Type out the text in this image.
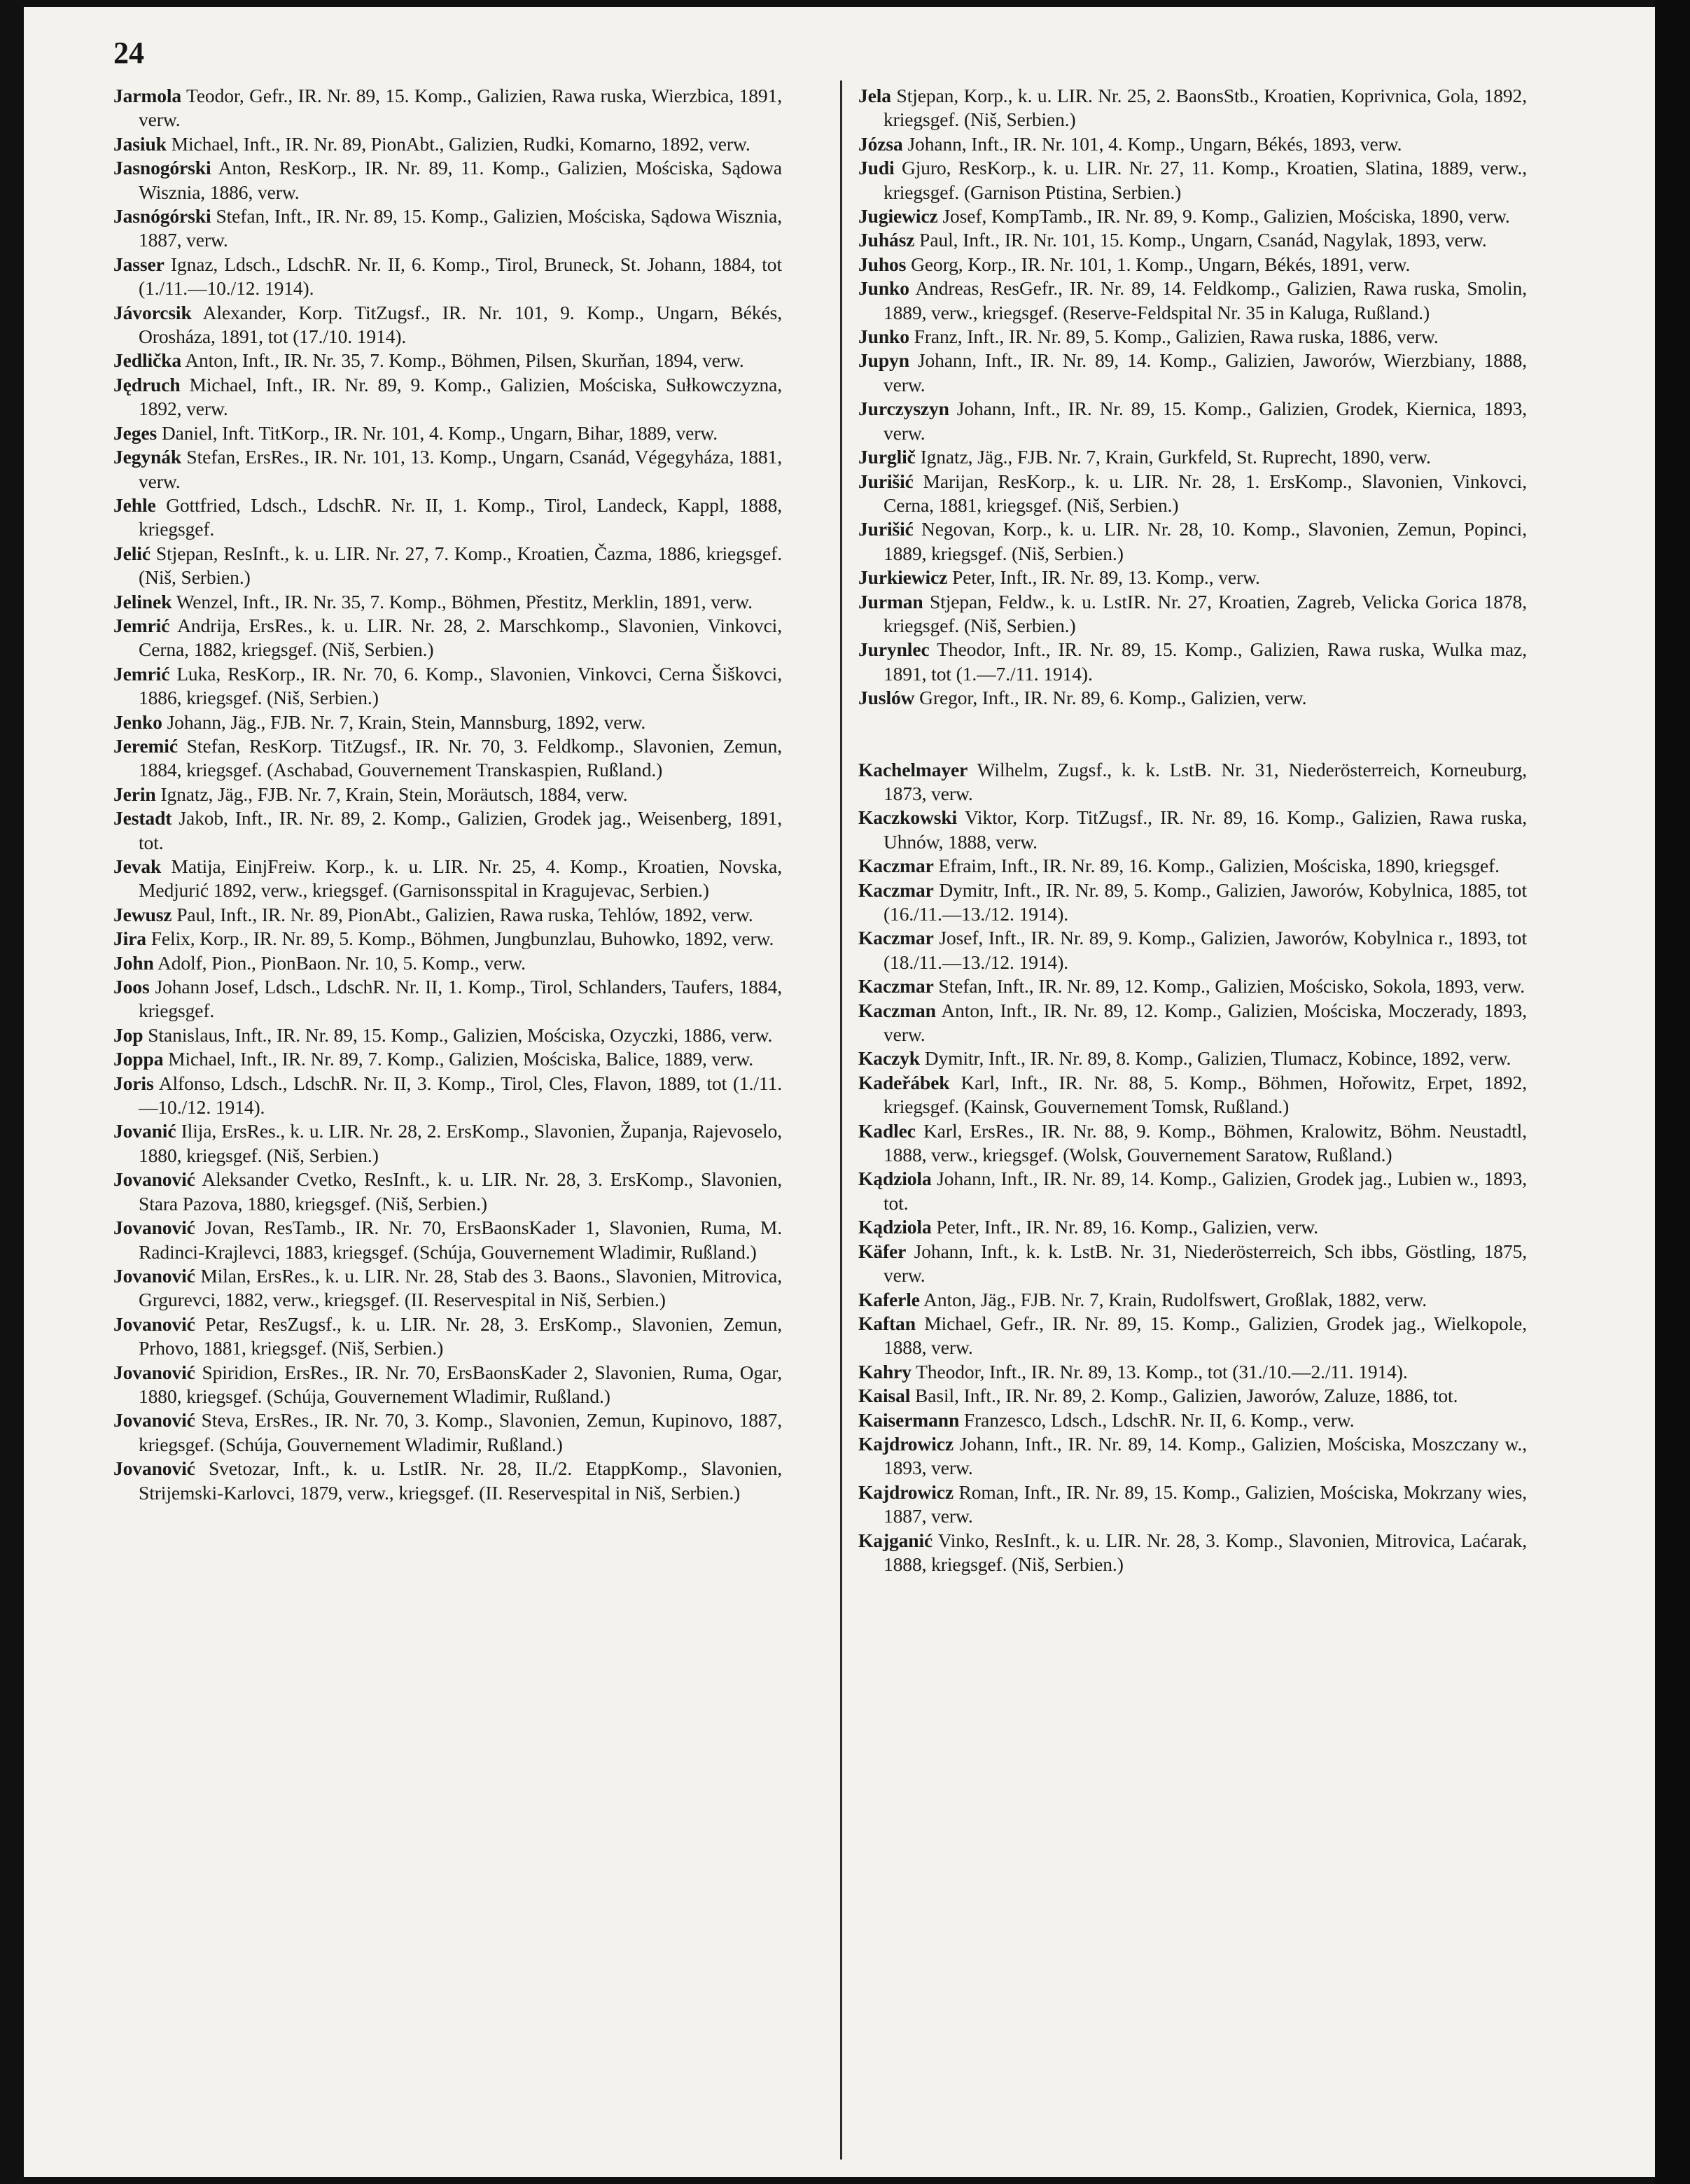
24
Jarmola Teodor, Gefr., IR. Nr. 89, 15. Komp., Galizien, Rawa ruska, Wierzbica, 1891, verw.
Jasiuk Michael, Inft., IR. Nr. 89, PionAbt., Galizien, Rudki, Komarno, 1892, verw.
Jasnogórski Anton, ResKorp., IR. Nr. 89, 11. Komp., Galizien, Mościska, Sądowa Wisznia, 1886, verw.
Jasnógórski Stefan, Inft., IR. Nr. 89, 15. Komp., Galizien, Mościska, Sądowa Wisznia, 1887, verw.
Jasser Ignaz, Ldsch., LdschR. Nr. II, 6. Komp., Tirol, Bruneck, St. Johann, 1884, tot (1./11.—10./12. 1914).
Jávorcsik Alexander, Korp. TitZugsf., IR. Nr. 101, 9. Komp., Ungarn, Békés, Orosháza, 1891, tot (17./10. 1914).
Jedlička Anton, Inft., IR. Nr. 35, 7. Komp., Böhmen, Pilsen, Skurňan, 1894, verw.
Jędruch Michael, Inft., IR. Nr. 89, 9. Komp., Galizien, Mościska, Sułkowczyzna, 1892, verw.
Jeges Daniel, Inft. TitKorp., IR. Nr. 101, 4. Komp., Ungarn, Bihar, 1889, verw.
Jegynák Stefan, ErsRes., IR. Nr. 101, 13. Komp., Ungarn, Csanád, Végegyháza, 1881, verw.
Jehle Gottfried, Ldsch., LdschR. Nr. II, 1. Komp., Tirol, Landeck, Kappl, 1888, kriegsgef.
Jelić Stjepan, ResInft., k. u. LIR. Nr. 27, 7. Komp., Kroatien, Čazma, 1886, kriegsgef. (Niš, Serbien.)
Jelinek Wenzel, Inft., IR. Nr. 35, 7. Komp., Böhmen, Přestitz, Merklin, 1891, verw.
Jemrić Andrija, ErsRes., k. u. LIR. Nr. 28, 2. Marschkomp., Slavonien, Vinkovci, Cerna, 1882, kriegsgef. (Niš, Serbien.)
Jemrić Luka, ResKorp., IR. Nr. 70, 6. Komp., Slavonien, Vinkovci, Cerna Šiškovci, 1886, kriegsgef. (Niš, Serbien.)
Jenko Johann, Jäg., FJB. Nr. 7, Krain, Stein, Mannsburg, 1892, verw.
Jeremić Stefan, ResKorp. TitZugsf., IR. Nr. 70, 3. Feldkomp., Slavonien, Zemun, 1884, kriegsgef. (Aschabad, Gouvernement Transkaspien, Rußland.)
Jerin Ignatz, Jäg., FJB. Nr. 7, Krain, Stein, Moräutsch, 1884, verw.
Jestadt Jakob, Inft., IR. Nr. 89, 2. Komp., Galizien, Grodek jag., Weisenberg, 1891, tot.
Jevak Matija, EinjFreiw. Korp., k. u. LIR. Nr. 25, 4. Komp., Kroatien, Novska, Medjurić 1892, verw., kriegsgef. (Garnisonsspital in Kragujevac, Serbien.)
Jewusz Paul, Inft., IR. Nr. 89, PionAbt., Galizien, Rawa ruska, Tehlów, 1892, verw.
Jira Felix, Korp., IR. Nr. 89, 5. Komp., Böhmen, Jungbunzlau, Buhowko, 1892, verw.
John Adolf, Pion., PionBaon. Nr. 10, 5. Komp., verw.
Joos Johann Josef, Ldsch., LdschR. Nr. II, 1. Komp., Tirol, Schlanders, Taufers, 1884, kriegsgef.
Jop Stanislaus, Inft., IR. Nr. 89, 15. Komp., Galizien, Mościska, Ozyczki, 1886, verw.
Joppa Michael, Inft., IR. Nr. 89, 7. Komp., Galizien, Mościska, Balice, 1889, verw.
Joris Alfonso, Ldsch., LdschR. Nr. II, 3. Komp., Tirol, Cles, Flavon, 1889, tot (1./11.—10./12. 1914).
Jovanić Ilija, ErsRes., k. u. LIR. Nr. 28, 2. ErsKomp., Slavonien, Županja, Rajevoselo, 1880, kriegsgef. (Niš, Serbien.)
Jovanović Aleksander Cvetko, ResInft., k. u. LIR. Nr. 28, 3. ErsKomp., Slavonien, Stara Pazova, 1880, kriegsgef. (Niš, Serbien.)
Jovanović Jovan, ResTamb., IR. Nr. 70, ErsBaonsKader 1, Slavonien, Ruma, M. Radinci-Krajlevci, 1883, kriegsgef. (Schúja, Gouvernement Wladimir, Rußland.)
Jovanović Milan, ErsRes., k. u. LIR. Nr. 28, Stab des 3. Baons., Slavonien, Mitrovica, Grgurevci, 1882, verw., kriegsgef. (II. Reservespital in Niš, Serbien.)
Jovanović Petar, ResZugsf., k. u. LIR. Nr. 28, 3. ErsKomp., Slavonien, Zemun, Prhovo, 1881, kriegsgef. (Niš, Serbien.)
Jovanović Spiridion, ErsRes., IR. Nr. 70, ErsBaonsKader 2, Slavonien, Ruma, Ogar, 1880, kriegsgef. (Schúja, Gouvernement Wladimir, Rußland.)
Jovanović Steva, ErsRes., IR. Nr. 70, 3. Komp., Slavonien, Zemun, Kupinovo, 1887, kriegsgef. (Schúja, Gouvernement Wladimir, Rußland.)
Jovanović Svetozar, Inft., k. u. LstIR. Nr. 28, II./2. EtappKomp., Slavonien, Strijemski-Karlovci, 1879, verw., kriegsgef. (II. Reservespital in Niš, Serbien.)
Jela Stjepan, Korp., k. u. LIR. Nr. 25, 2. BaonsStb., Kroatien, Koprivnica, Gola, 1892, kriegsgef. (Niš, Serbien.)
Józsa Johann, Inft., IR. Nr. 101, 4. Komp., Ungarn, Békés, 1893, verw.
Judi Gjuro, ResKorp., k. u. LIR. Nr. 27, 11. Komp., Kroatien, Slatina, 1889, verw., kriegsgef. (Garnison Ptistina, Serbien.)
Jugiewicz Josef, KompTamb., IR. Nr. 89, 9. Komp., Galizien, Mościska, 1890, verw.
Juhász Paul, Inft., IR. Nr. 101, 15. Komp., Ungarn, Csanád, Nagylak, 1893, verw.
Juhos Georg, Korp., IR. Nr. 101, 1. Komp., Ungarn, Békés, 1891, verw.
Junko Andreas, ResGefr., IR. Nr. 89, 14. Feldkomp., Galizien, Rawa ruska, Smolin, 1889, verw., kriegsgef. (Reserve-Feldspital Nr. 35 in Kaluga, Rußland.)
Junko Franz, Inft., IR. Nr. 89, 5. Komp., Galizien, Rawa ruska, 1886, verw.
Jupyn Johann, Inft., IR. Nr. 89, 14. Komp., Galizien, Jaworów, Wierzbiany, 1888, verw.
Jurczyszyn Johann, Inft., IR. Nr. 89, 15. Komp., Galizien, Grodek, Kiernica, 1893, verw.
Jurglič Ignatz, Jäg., FJB. Nr. 7, Krain, Gurkfeld, St. Ruprecht, 1890, verw.
Jurišić Marijan, ResKorp., k. u. LIR. Nr. 28, 1. ErsKomp., Slavonien, Vinkovci, Cerna, 1881, kriegsgef. (Niš, Serbien.)
Jurišić Negovan, Korp., k. u. LIR. Nr. 28, 10. Komp., Slavonien, Zemun, Popinci, 1889, kriegsgef. (Niš, Serbien.)
Jurkiewicz Peter, Inft., IR. Nr. 89, 13. Komp., verw.
Jurman Stjepan, Feldw., k. u. LstIR. Nr. 27, Kroatien, Zagreb, Velicka Gorica 1878, kriegsgef. (Niš, Serbien.)
Jurynlec Theodor, Inft., IR. Nr. 89, 15. Komp., Galizien, Rawa ruska, Wulka maz, 1891, tot (1.—7./11. 1914).
Juslów Gregor, Inft., IR. Nr. 89, 6. Komp., Galizien, verw.
Kachelmayer Wilhelm, Zugsf., k. k. LstB. Nr. 31, Niederösterreich, Korneuburg, 1873, verw.
Kaczkowski Viktor, Korp. TitZugsf., IR. Nr. 89, 16. Komp., Galizien, Rawa ruska, Uhnów, 1888, verw.
Kaczmar Efraim, Inft., IR. Nr. 89, 16. Komp., Galizien, Mościska, 1890, kriegsgef.
Kaczmar Dymitr, Inft., IR. Nr. 89, 5. Komp., Galizien, Jaworów, Kobylnica, 1885, tot (16./11.—13./12. 1914).
Kaczmar Josef, Inft., IR. Nr. 89, 9. Komp., Galizien, Jaworów, Kobylnica r., 1893, tot (18./11.—13./12. 1914).
Kaczmar Stefan, Inft., IR. Nr. 89, 12. Komp., Galizien, Mościsko, Sokola, 1893, verw.
Kaczman Anton, Inft., IR. Nr. 89, 12. Komp., Galizien, Mościska, Moczerady, 1893, verw.
Kaczyk Dymitr, Inft., IR. Nr. 89, 8. Komp., Galizien, Tlumacz, Kobince, 1892, verw.
Kadeřábek Karl, Inft., IR. Nr. 88, 5. Komp., Böhmen, Hořowitz, Erpet, 1892, kriegsgef. (Kainsk, Gouvernement Tomsk, Rußland.)
Kadlec Karl, ErsRes., IR. Nr. 88, 9. Komp., Böhmen, Kralowitz, Böhm. Neustadtl, 1888, verw., kriegsgef. (Wolsk, Gouvernement Saratow, Rußland.)
Kądziola Johann, Inft., IR. Nr. 89, 14. Komp., Galizien, Grodek jag., Lubien w., 1893, tot.
Kądziola Peter, Inft., IR. Nr. 89, 16. Komp., Galizien, verw.
Käfer Johann, Inft., k. k. LstB. Nr. 31, Niederösterreich, Sch ibbs, Göstling, 1875, verw.
Kaferle Anton, Jäg., FJB. Nr. 7, Krain, Rudolfswert, Großlak, 1882, verw.
Kaftan Michael, Gefr., IR. Nr. 89, 15. Komp., Galizien, Grodek jag., Wielkopole, 1888, verw.
Kahry Theodor, Inft., IR. Nr. 89, 13. Komp., tot (31./10.—2./11. 1914).
Kaisal Basil, Inft., IR. Nr. 89, 2. Komp., Galizien, Jaworów, Zaluze, 1886, tot.
Kaisermann Franzesco, Ldsch., LdschR. Nr. II, 6. Komp., verw.
Kajdrowicz Johann, Inft., IR. Nr. 89, 14. Komp., Galizien, Mościska, Moszczany w., 1893, verw.
Kajdrowicz Roman, Inft., IR. Nr. 89, 15. Komp., Galizien, Mościska, Mokrzany wies, 1887, verw.
Kajganić Vinko, ResInft., k. u. LIR. Nr. 28, 3. Komp., Slavonien, Mitrovica, Laćarak, 1888, kriegsgef. (Niš, Serbien.)
